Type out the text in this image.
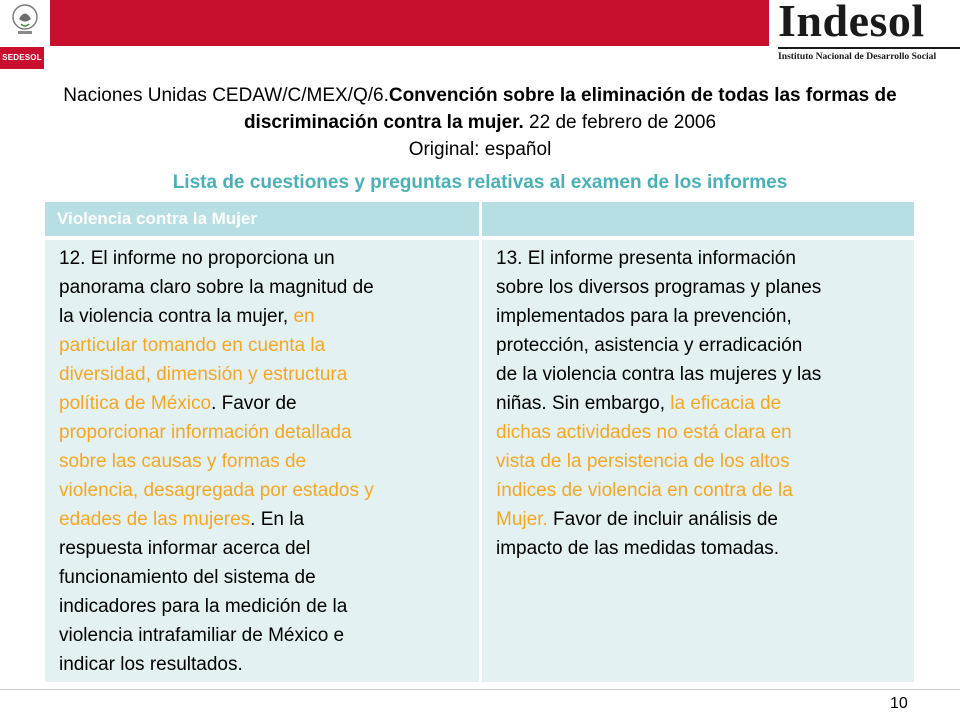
SEDESOL
Indesol
Instituto Nacional de Desarrollo Social
Naciones Unidas CEDAW/C/MEX/Q/6.Convención sobre la eliminación de todas las formas de discriminación contra la mujer. 22 de febrero de 2006
Original: español
Lista de cuestiones y preguntas relativas al examen de los informes
Violencia contra la Mujer
12. El informe no proporciona un
panorama claro sobre la magnitud de
la violencia contra la mujer, en
particular tomando en cuenta la
diversidad, dimensión y estructura
política de México. Favor de
proporcionar información detallada
sobre las causas y formas de
violencia, desagregada por estados y
edades de las mujeres. En la
respuesta informar acerca del
funcionamiento del sistema de
indicadores para la medición de la
violencia intrafamiliar de México e
indicar los resultados.
13. El informe presenta información
sobre los diversos programas y planes
implementados para la prevención,
protección, asistencia y erradicación
de la violencia contra las mujeres y las
niñas. Sin embargo, la eficacia de
dichas actividades no está clara en
vista de la persistencia de los altos
índices de violencia en contra de la
Mujer. Favor de incluir análisis de
impacto de las medidas tomadas.
10
